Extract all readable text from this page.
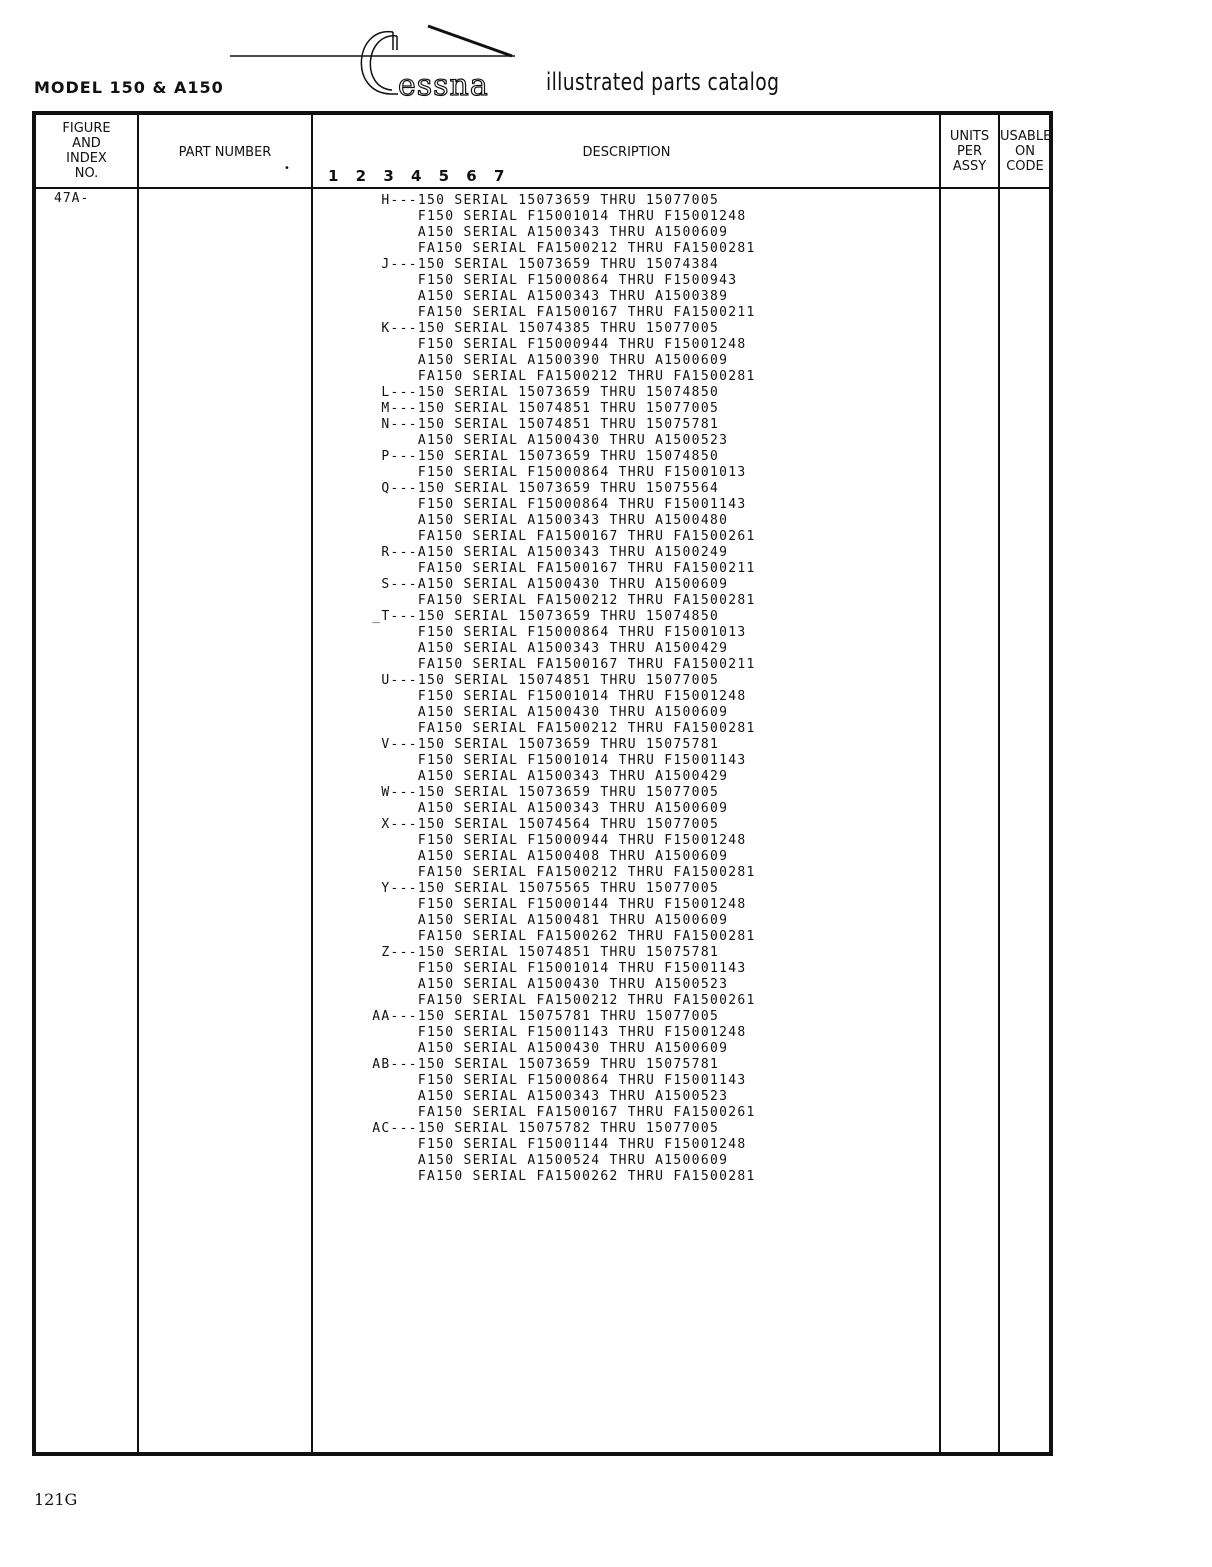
MODEL 150 & A150	essna illustrated parts catalog
FIGURE
AND
INDEX
NO.
PART NUMBER
•
DESCRIPTION
1 2 3 4 5 6 7
UNITS
PER
ASSY
USABLE
ON
CODE
47A-	H---150 SERIAL 15073659 THRU 15077005
F150 SERIAL F15001014 THRU F15001248
A150 SERIAL A1500343 THRU A1500609
FA150 SERIAL FA1500212 THRU FA1500281
J---150 SERIAL 15073659 THRU 15074384
F150 SERIAL F15000864 THRU F1500943
A150 SERIAL A1500343 THRU A1500389
FA150 SERIAL FA1500167 THRU FA1500211
K---150 SERIAL 15074385 THRU 15077005
F150 SERIAL F15000944 THRU F15001248
A150 SERIAL A1500390 THRU A1500609
FA150 SERIAL FA1500212 THRU FA1500281
L---150 SERIAL 15073659 THRU 15074850
M---150 SERIAL 15074851 THRU 15077005
N---150 SERIAL 15074851 THRU 15075781
A150 SERIAL A1500430 THRU A1500523
P---150 SERIAL 15073659 THRU 15074850
F150 SERIAL F15000864 THRU F15001013
Q---150 SERIAL 15073659 THRU 15075564
F150 SERIAL F15000864 THRU F15001143
A150 SERIAL A1500343 THRU A1500480
FA150 SERIAL FA1500167 THRU FA1500261
R---A150 SERIAL A1500343 THRU A1500249
FA150 SERIAL FA1500167 THRU FA1500211
S---A150 SERIAL A1500430 THRU A1500609
FA150 SERIAL FA1500212 THRU FA1500281
_T---150 SERIAL 15073659 THRU 15074850
F150 SERIAL F15000864 THRU F15001013
A150 SERIAL A1500343 THRU A1500429
FA150 SERIAL FA1500167 THRU FA1500211
U---150 SERIAL 15074851 THRU 15077005
F150 SERIAL F15001014 THRU F15001248
A150 SERIAL A1500430 THRU A1500609
FA150 SERIAL FA1500212 THRU FA1500281
V---150 SERIAL 15073659 THRU 15075781
F150 SERIAL F15001014 THRU F15001143
A150 SERIAL A1500343 THRU A1500429
W---150 SERIAL 15073659 THRU 15077005
A150 SERIAL A1500343 THRU A1500609
X---150 SERIAL 15074564 THRU 15077005
F150 SERIAL F15000944 THRU F15001248
A150 SERIAL A1500408 THRU A1500609
FA150 SERIAL FA1500212 THRU FA1500281
Y---150 SERIAL 15075565 THRU 15077005
F150 SERIAL F15000144 THRU F15001248
A150 SERIAL A1500481 THRU A1500609
FA150 SERIAL FA1500262 THRU FA1500281
Z---150 SERIAL 15074851 THRU 15075781
F150 SERIAL F15001014 THRU F15001143
A150 SERIAL A1500430 THRU A1500523
FA150 SERIAL FA1500212 THRU FA1500261
AA---150 SERIAL 15075781 THRU 15077005
F150 SERIAL F15001143 THRU F15001248
A150 SERIAL A1500430 THRU A1500609
AB---150 SERIAL 15073659 THRU 15075781
F150 SERIAL F15000864 THRU F15001143
A150 SERIAL A1500343 THRU A1500523
FA150 SERIAL FA1500167 THRU FA1500261
AC---150 SERIAL 15075782 THRU 15077005
F150 SERIAL F15001144 THRU F15001248
A150 SERIAL A1500524 THRU A1500609
FA150 SERIAL FA1500262 THRU FA1500281
121G
